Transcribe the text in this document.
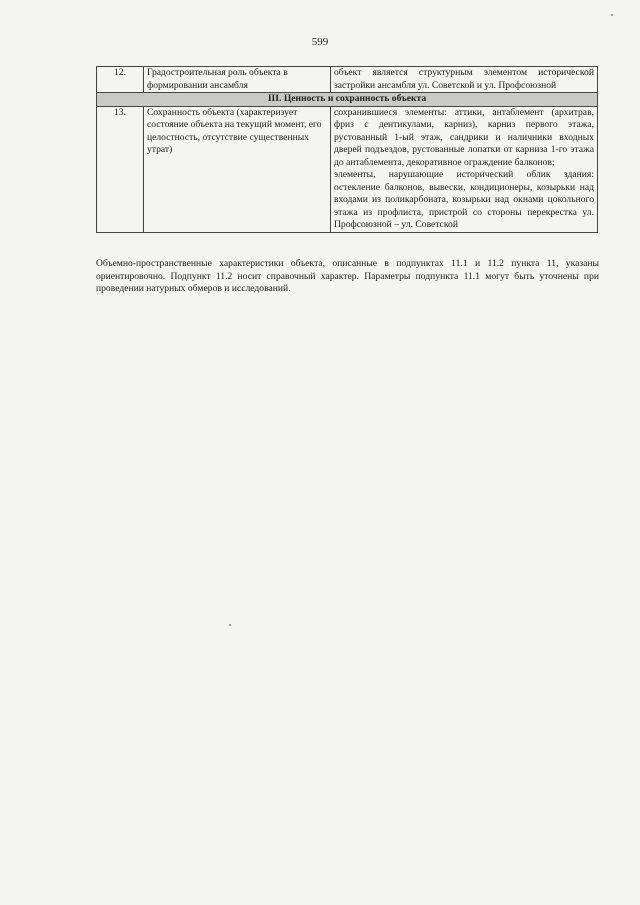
599
12.	Градостроительная роль объекта в формировании ансамбля	объект является структурным элементом исторической застройки ансамбля ул. Советской и ул. Профсоюзной

III. Ценность и сохранность объекта		
13.	Сохранность объекта (характеризует состояние объекта на текущий момент, его целостность, отсутствие существенных утрат)	сохранившиеся элементы: аттики, антаблемент (архитрав, фриз с дентикулами, карниз), карниз первого этажа, рустованный 1-ый этаж, сандрики и наличники входных дверей подъездов, рустованные лопатки от карниза 1-го этажа до антаблемента, декоративное ограждение балконов;
элементы, нарушающие исторический облик здания: остекление балконов, вывески, кондиционеры, козырьки над входами из поликарбоната, козырьки над окнами цокольного этажа из профлиста, пристрой со стороны перекрестка ул. Профсоюзной – ул. Советской
Объемно-пространственные характеристики объекта, описанные в подпунктах 11.1 и 11.2 пункта 11, указаны ориентировочно. Подпункт 11.2 носит справочный характер. Параметры подпункта 11.1 могут быть уточнены при проведении натурных обмеров и исследований.
